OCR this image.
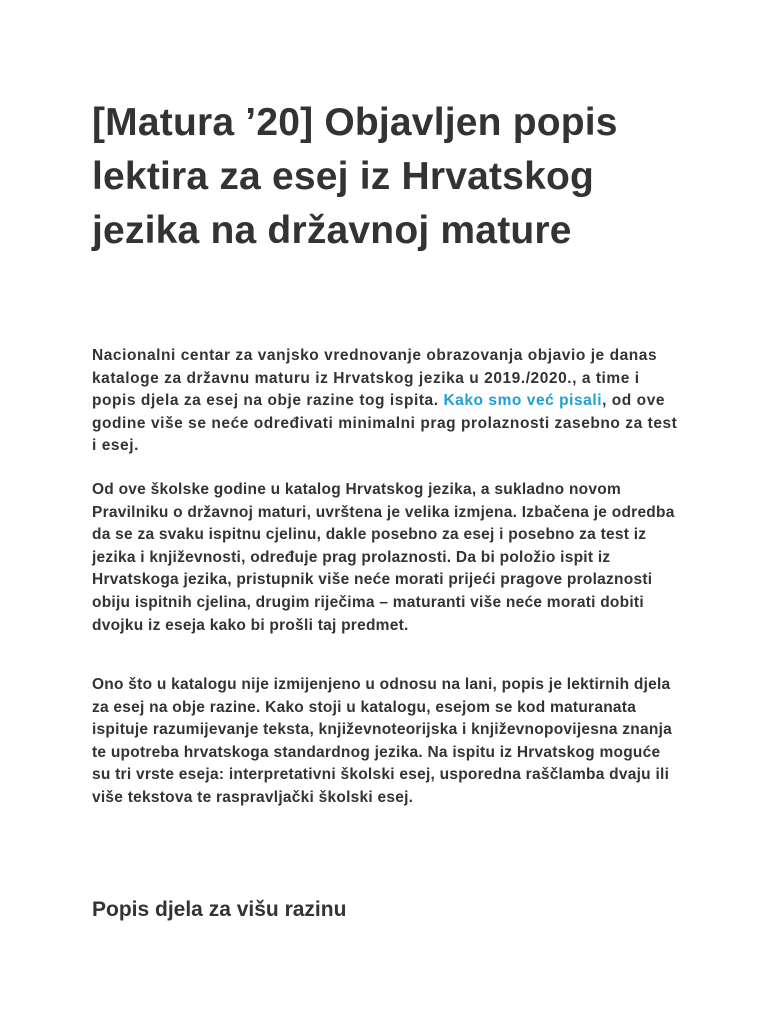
[Matura ’20] Objavljen popis lektira za esej iz Hrvatskog jezika na državnoj mature

Nacionalni centar za vanjsko vrednovanje obrazovanja objavio je danas kataloge za državnu maturu iz Hrvatskog jezika u 2019./2020., a time i popis djela za esej na obje razine tog ispita. Kako smo već pisali, od ove godine više se neće određivati minimalni prag prolaznosti zasebno za test i esej.

Od ove školske godine u katalog Hrvatskog jezika, a sukladno novom Pravilniku o državnoj maturi, uvrštena je velika izmjena. Izbačena je odredba da se za svaku ispitnu cjelinu, dakle posebno za esej i posebno za test iz jezika i književnosti, određuje prag prolaznosti. Da bi položio ispit iz Hrvatskoga jezika, pristupnik više neće morati prijeći pragove prolaznosti obiju ispitnih cjelina, drugim riječima – maturanti više neće morati dobiti dvojku iz eseja kako bi prošli taj predmet.

Ono što u katalogu nije izmijenjeno u odnosu na lani, popis je lektirnih djela za esej na obje razine. Kako stoji u katalogu, esejom se kod maturanata ispituje razumijevanje teksta, književnoteorijska i književnopovijesna znanja te upotreba hrvatskoga standardnog jezika. Na ispitu iz Hrvatskog moguće su tri vrste eseja: interpretativni školski esej, usporedna raščlamba dvaju ili više tekstova te raspravljački školski esej.

Popis djela za višu razinu
